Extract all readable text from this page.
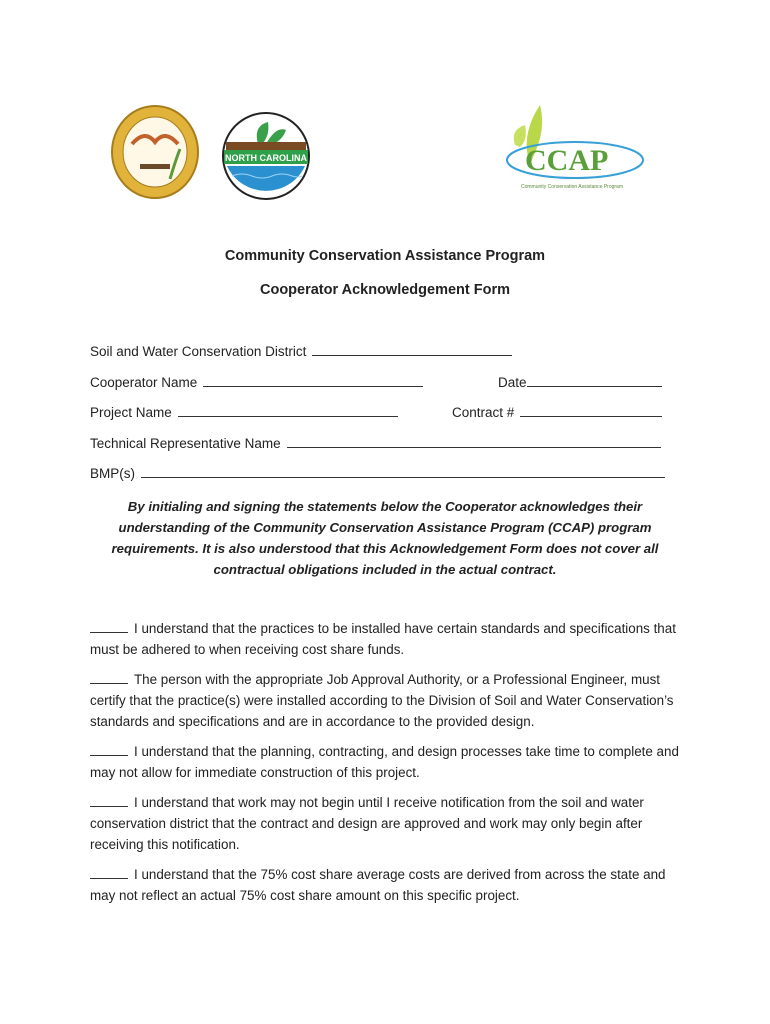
NORTH CAROLINA	CCAP
Community Conservation Assistance Program
Community Conservation Assistance Program
Cooperator Acknowledgement Form
Soil and Water Conservation District
Cooperator Name	Date
Project Name	Contract #
Technical Representative Name
BMP(s)
By initialing and signing the statements below the Cooperator acknowledges their understanding of the Community Conservation Assistance Program (CCAP) program requirements. It is also understood that this Acknowledgement Form does not cover all contractual obligations included in the actual contract.
I understand that the practices to be installed have certain standards and specifications that must be adhered to when receiving cost share funds.
The person with the appropriate Job Approval Authority, or a Professional Engineer, must certify that the practice(s) were installed according to the Division of Soil and Water Conservation’s standards and specifications and are in accordance to the provided design.
I understand that the planning, contracting, and design processes take time to complete and may not allow for immediate construction of this project.
I understand that work may not begin until I receive notification from the soil and water conservation district that the contract and design are approved and work may only begin after receiving this notification.
I understand that the 75% cost share average costs are derived from across the state and may not reflect an actual 75% cost share amount on this specific project.
